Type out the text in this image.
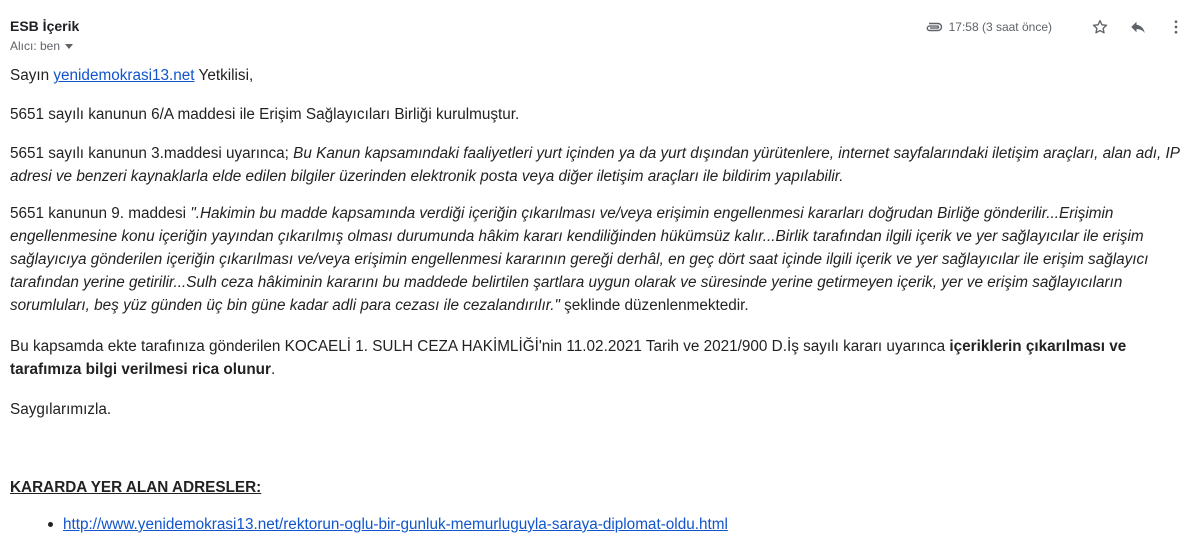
ESB İçerik
Alıcı: ben
17:58 (3 saat önce)

Sayın yenidemokrasi13.net Yetkilisi,

5651 sayılı kanunun 6/A maddesi ile Erişim Sağlayıcıları Birliği kurulmuştur.

5651 sayılı kanunun 3.maddesi uyarınca; Bu Kanun kapsamındaki faaliyetleri yurt içinden ya da yurt dışından yürütenlere, internet sayfalarındaki iletişim araçları, alan adı, IP adresi ve benzeri kaynaklarla elde edilen bilgiler üzerinden elektronik posta veya diğer iletişim araçları ile bildirim yapılabilir.

5651 kanunun 9. maddesi ".Hakimin bu madde kapsamında verdiği içeriğin çıkarılması ve/veya erişimin engellenmesi kararları doğrudan Birliğe gönderilir...Erişimin engellenmesine konu içeriğin yayından çıkarılmış olması durumunda hâkim kararı kendiliğinden hükümsüz kalır...Birlik tarafından ilgili içerik ve yer sağlayıcılar ile erişim sağlayıcıya gönderilen içeriğin çıkarılması ve/veya erişimin engellenmesi kararının gereği derhâl, en geç dört saat içinde ilgili içerik ve yer sağlayıcılar ile erişim sağlayıcı tarafından yerine getirilir...Sulh ceza hâkiminin kararını bu maddede belirtilen şartlara uygun olarak ve süresinde yerine getirmeyen içerik, yer ve erişim sağlayıcıların sorumluları, beş yüz günden üç bin güne kadar adli para cezası ile cezalandırılır." şeklinde düzenlenmektedir.

Bu kapsamda ekte tarafınıza gönderilen KOCAELİ 1. SULH CEZA HAKİMLİĞİ'nin 11.02.2021 Tarih ve 2021/900 D.İş sayılı kararı uyarınca içeriklerin çıkarılması ve tarafımıza bilgi verilmesi rica olunur.

Saygılarımızla.

KARARDA YER ALAN ADRESLER:

http://www.yenidemokrasi13.net/rektorun-oglu-bir-gunluk-memurluguyla-saraya-diplomat-oldu.html
